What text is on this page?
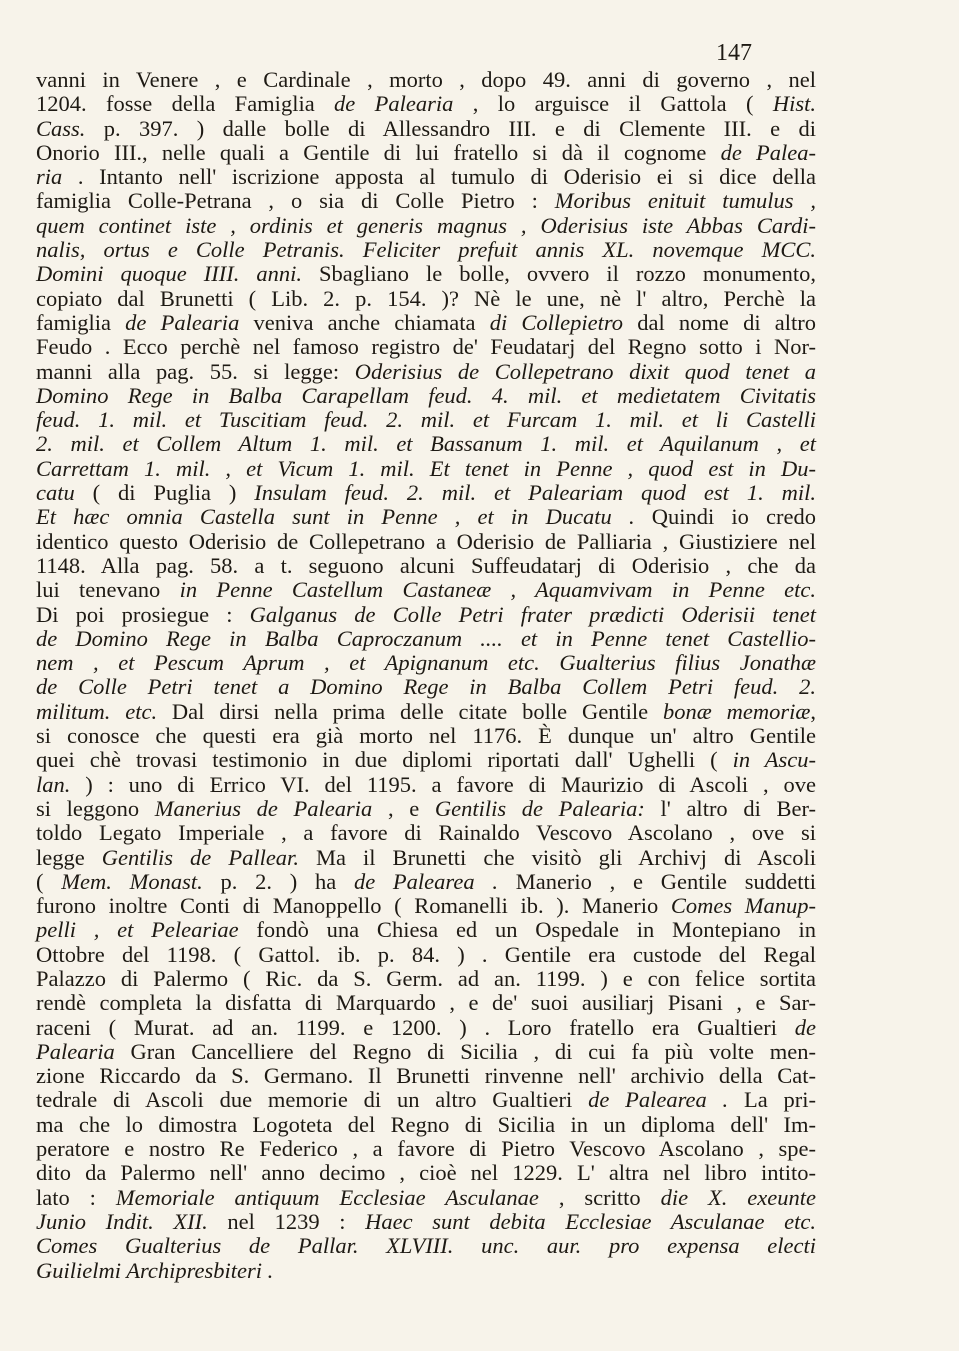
147
vanni in Venere , e Cardinale , morto , dopo 49. anni di governo , nel
1204. fosse della Famiglia de Palearia , lo arguisce il Gattola ( Hist.
Cass. p. 397. ) dalle bolle di Allessandro III. e di Clemente III. e di
Onorio III., nelle quali a Gentile di lui fratello si dà il cognome de Palea-
ria . Intanto nell' iscrizione apposta al tumulo di Oderisio ei si dice della
famiglia Colle-Petrana , o sia di Colle Pietro : Moribus enituit tumulus ,
quem continet iste , ordinis et generis magnus , Oderisius iste Abbas Cardi-
nalis, ortus e Colle Petranis. Feliciter prefuit annis XL. novemque MCC.
Domini quoque IIII. anni. Sbagliano le bolle, ovvero il rozzo monumento,
copiato dal Brunetti ( Lib. 2. p. 154. )? Nè le une, nè l' altro, Perchè la
famiglia de Palearia veniva anche chiamata di Collepietro dal nome di altro
Feudo . Ecco perchè nel famoso registro de' Feudatarj del Regno sotto i Nor-
manni alla pag. 55. si legge: Oderisius de Collepetrano dixit quod tenet a
Domino Rege in Balba Carapellam feud. 4. mil. et medietatem Civitatis
feud. 1. mil. et Tuscitiam feud. 2. mil. et Furcam 1. mil. et li Castelli
2. mil. et Collem Altum 1. mil. et Bassanum 1. mil. et Aquilanum , et
Carrettam 1. mil. , et Vicum 1. mil. Et tenet in Penne , quod est in Du-
catu ( di Puglia ) Insulam feud. 2. mil. et Paleariam quod est 1. mil.
Et hæc omnia Castella sunt in Penne , et in Ducatu . Quindi io credo
identico questo Oderisio de Collepetrano a Oderisio de Palliaria , Giustiziere nel
1148. Alla pag. 58. a t. seguono alcuni Suffeudatarj di Oderisio , che da
lui tenevano in Penne Castellum Castaneæ , Aquamvivam in Penne etc.
Di poi prosiegue : Galganus de Colle Petri frater prædicti Oderisii tenet
de Domino Rege in Balba Caproczanum .... et in Penne tenet Castellio-
nem , et Pescum Aprum , et Apignanum etc. Gualterius filius Jonathæ
de Colle Petri tenet a Domino Rege in Balba Collem Petri feud. 2.
militum. etc. Dal dirsi nella prima delle citate bolle Gentile bonæ memoriæ,
si conosce che questi era già morto nel 1176. È dunque un' altro Gentile
quei chè trovasi testimonio in due diplomi riportati dall' Ughelli ( in Ascu-
lan. ) : uno di Errico VI. del 1195. a favore di Maurizio di Ascoli , ove
si leggono Manerius de Palearia , e Gentilis de Palearia: l' altro di Ber-
toldo Legato Imperiale , a favore di Rainaldo Vescovo Ascolano , ove si
legge Gentilis de Pallear. Ma il Brunetti che visitò gli Archivj di Ascoli
( Mem. Monast. p. 2. ) ha de Palearea . Manerio , e Gentile suddetti
furono inoltre Conti di Manoppello ( Romanelli ib. ). Manerio Comes Manup-
pelli , et Peleariae fondò una Chiesa ed un Ospedale in Montepiano in
Ottobre del 1198. ( Gattol. ib. p. 84. ) . Gentile era custode del Regal
Palazzo di Palermo ( Ric. da S. Germ. ad an. 1199. ) e con felice sortita
rendè completa la disfatta di Marquardo , e de' suoi ausiliarj Pisani , e Sar-
raceni ( Murat. ad an. 1199. e 1200. ) . Loro fratello era Gualtieri de
Palearia Gran Cancelliere del Regno di Sicilia , di cui fa più volte men-
zione Riccardo da S. Germano. Il Brunetti rinvenne nell' archivio della Cat-
tedrale di Ascoli due memorie di un altro Gualtieri de Palearea . La pri-
ma che lo dimostra Logoteta del Regno di Sicilia in un diploma dell' Im-
peratore e nostro Re Federico , a favore di Pietro Vescovo Ascolano , spe-
dito da Palermo nell' anno decimo , cioè nel 1229. L' altra nel libro intito-
lato : Memoriale antiquum Ecclesiae Asculanae , scritto die X. exeunte
Junio Indit. XII. nel 1239 : Haec sunt debita Ecclesiae Asculanae etc.
Comes Gualterius de Pallar. XLVIII. unc. aur. pro expensa electi
Guilielmi Archipresbiteri .
